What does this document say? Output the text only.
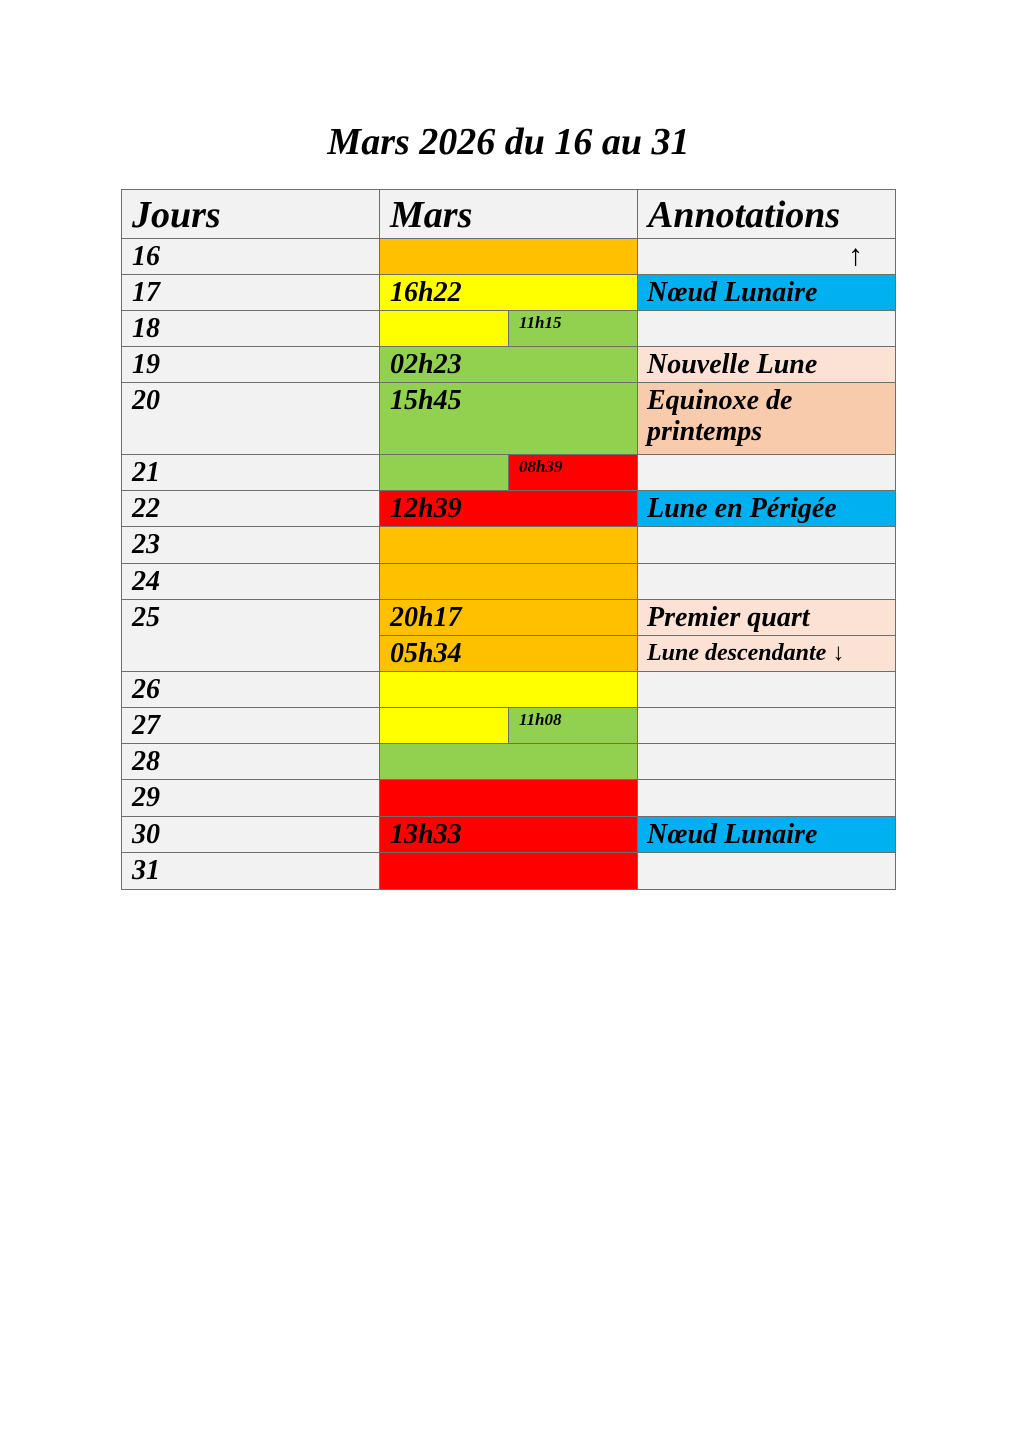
Mars 2026 du 16 au 31
Jours	Mars	Annotations
16
17
18
19
20
21
22
23
24
25
26
27
28
29
30
31
16h22
11h15
02h23
15h45
08h39
12h39
20h17
05h34
11h08
13h33
↑
Nœud Lunaire
Nouvelle Lune
Equinoxe de printemps
Lune en Périgée
Premier quart
Lune descendante ↓
Nœud Lunaire
